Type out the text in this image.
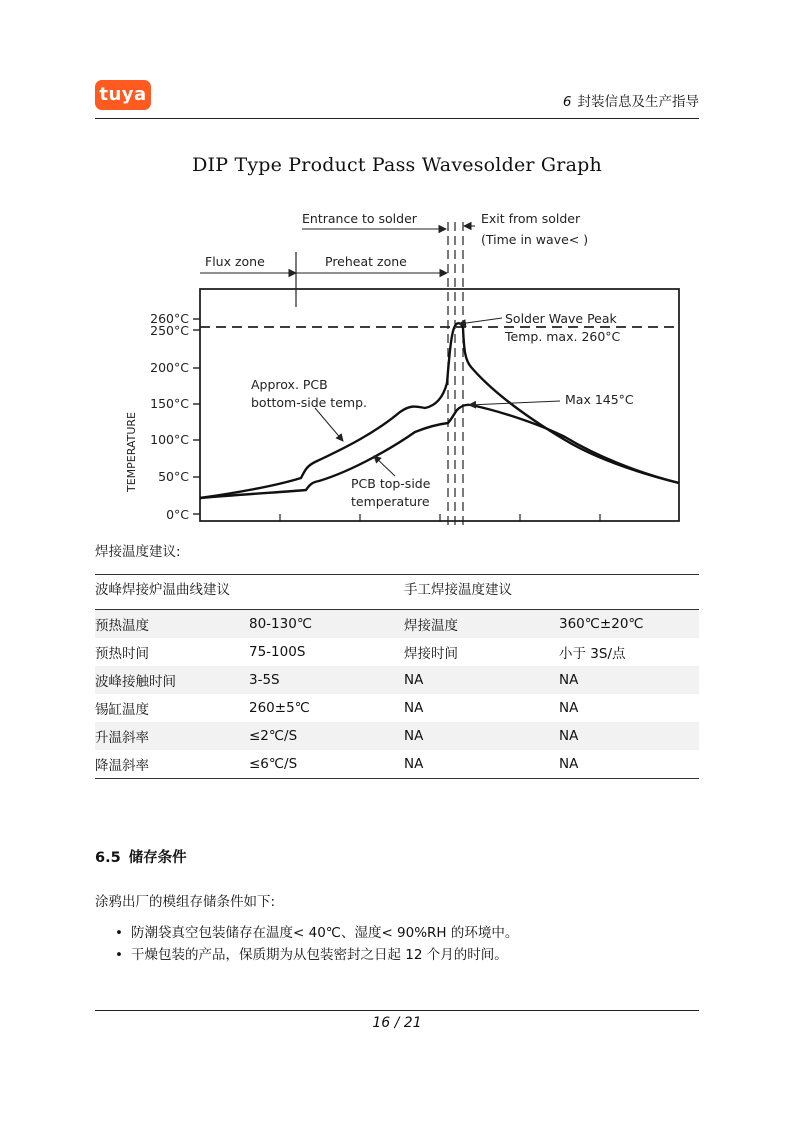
tuya	6 封装信息及生产指导
DIP Type Product Pass Wavesolder Graph
260°C
250°C
200°C
150°C
100°C
50°C
0°C
TEMPERATURE
Flux zone	Preheat zone
Entrance to solder	Exit from solder
(Time in wave< )
Solder Wave Peak
Temp. max. 260°C
Max 145°C
Approx. PCB
bottom-side temp.
PCB top-side
temperature
焊接温度建议:
波峰焊接炉温曲线建议		手工焊接温度建议	
预热温度	80-130℃	焊接温度	360℃±20℃
预热时间	75-100S	焊接时间	小于 3S/点
波峰接触时间	3-5S	NA	NA
锡缸温度	260±5℃	NA	NA
升温斜率	≤2℃/S	NA	NA
降温斜率	≤6℃/S	NA	NA
6.5 储存条件
涂鸦出厂的模组存储条件如下:
• 防潮袋真空包装储存在温度< 40℃、湿度< 90%RH 的环境中。
• 干燥包装的产品，保质期为从包装密封之日起 12 个月的时间。
16 / 21
